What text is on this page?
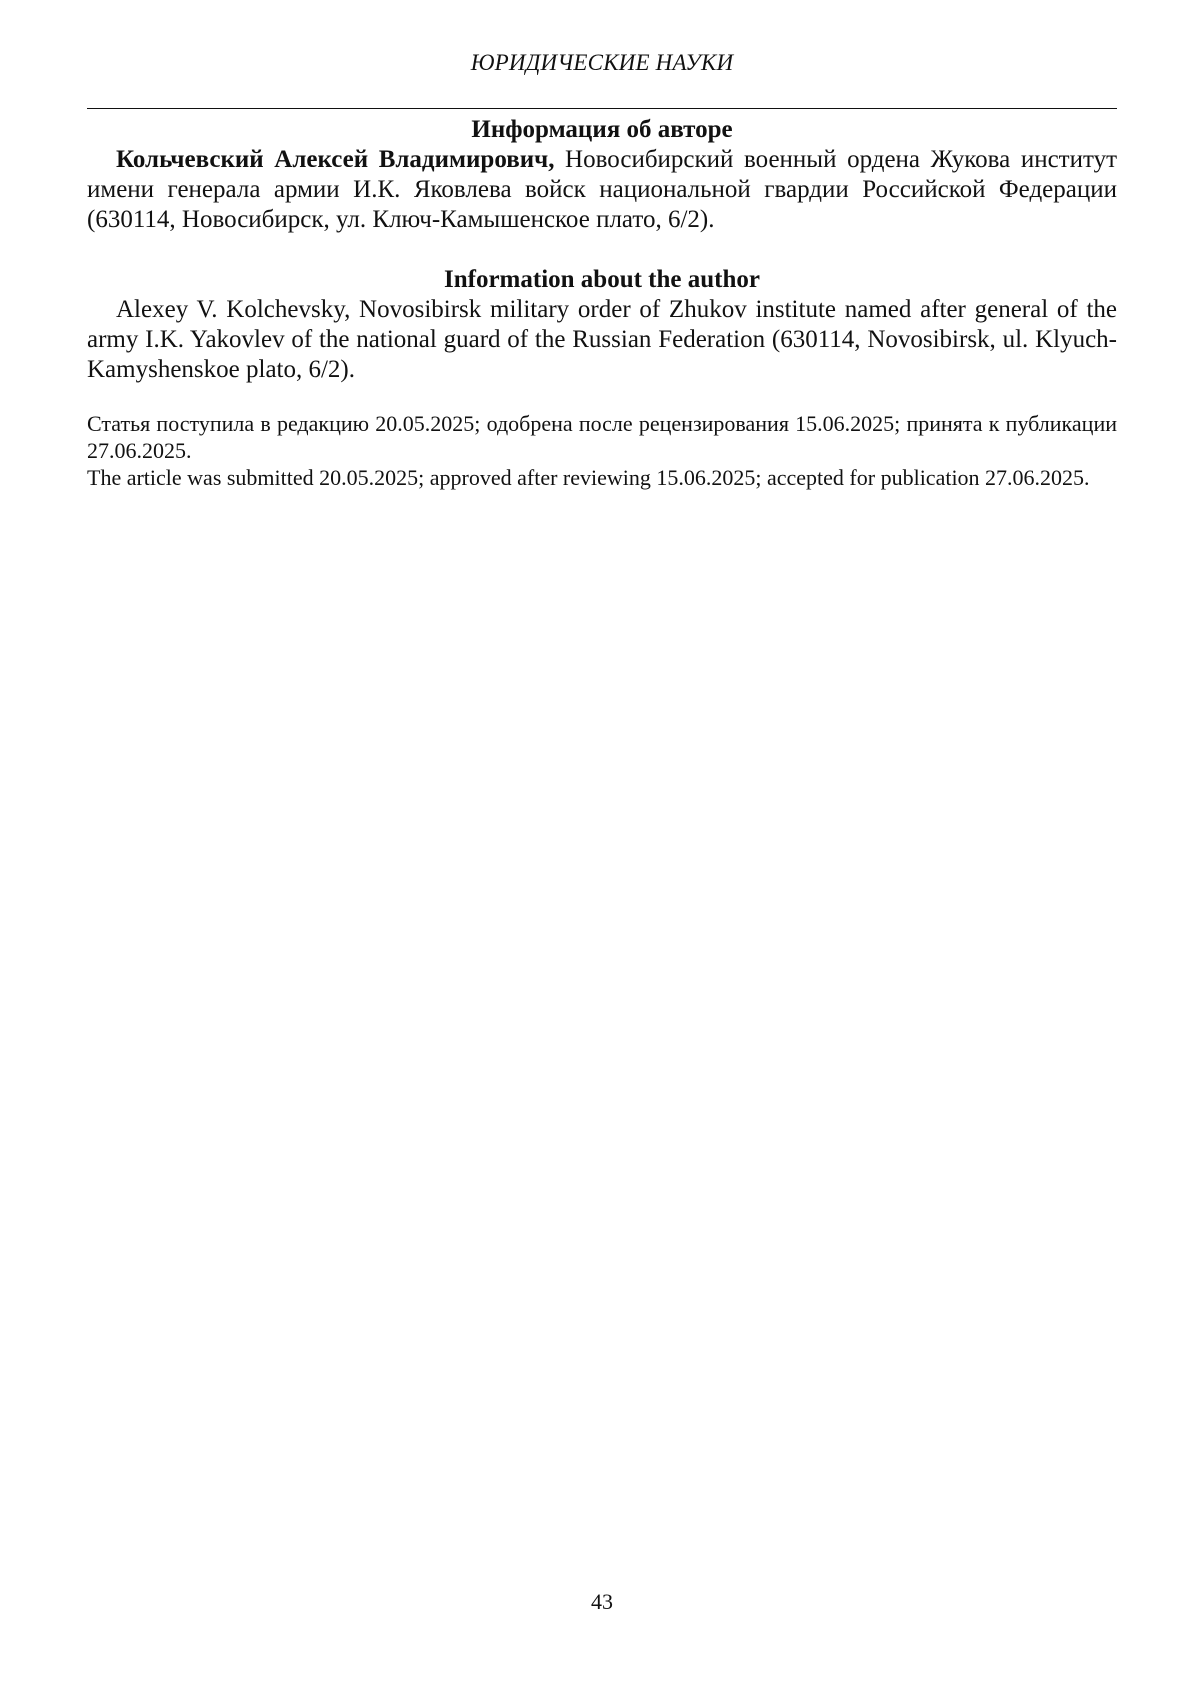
ЮРИДИЧЕСКИЕ НАУКИ

Информация об авторе

Кольчевский Алексей Владимирович, Новосибирский военный ордена Жукова институт имени генерала армии И.К. Яковлева войск национальной гвардии Российской Федерации (630114, Новосибирск, ул. Ключ-Камышенское плато, 6/2).

Information about the author

Alexey V. Kolchevsky, Novosibirsk military order of Zhukov institute named after general of the army I.K. Yakovlev of the national guard of the Russian Federation (630114, Novosibirsk, ul. Klyuch-Kamyshenskoe plato, 6/2).

Статья поступила в редакцию 20.05.2025; одобрена после рецензирования 15.06.2025; принята к публикации 27.06.2025.

The article was submitted 20.05.2025; approved after reviewing 15.06.2025; accepted for publication 27.06.2025.

43
